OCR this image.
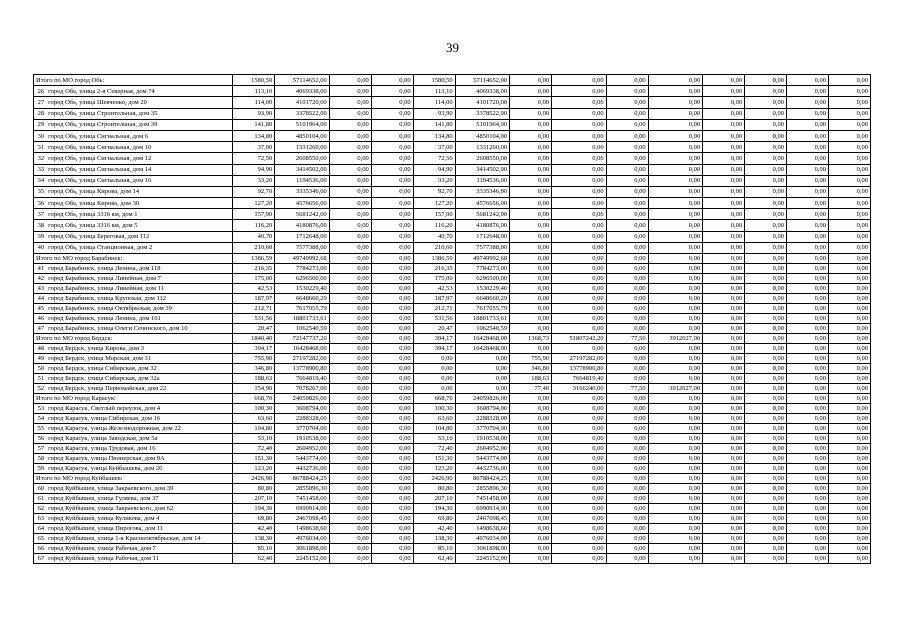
39
Итого по МО город Обь:		1580,50	57114652,00	0,00	0,00	1580,50	57114652,00	0,00	0,00	0,00	0,00	0,00	0,00	0,00	0,00
26	город Обь, улица 2-я Северная, дом 74	113,10	4069338,00	0,00	0,00	113,10	4069338,00	0,00	0,00	0,00	0,00	0,00	0,00	0,00	0,00
27	город Обь, улица Шевченко, дом 20	114,00	4101720,00	0,00	0,00	114,00	4101720,00	0,00	0,00	0,00	0,00	0,00	0,00	0,00	0,00
28	город Обь, улица Строительная, дом 35	93,90	3378522,00	0,00	0,00	93,90	3378522,00	0,00	0,00	0,00	0,00	0,00	0,00	0,00	0,00
29	город Обь, улица Строительная, дом 39	141,80	5101964,00	0,00	0,00	141,80	5101964,00	0,00	0,00	0,00	0,00	0,00	0,00	0,00	0,00
30	город Обь, улица Сигнальная, дом 6	134,80	4850104,00	0,00	0,00	134,80	4850104,00	0,00	0,00	0,00	0,00	0,00	0,00	0,00	0,00
31	город Обь, улица Сигнальная, дом 10	37,00	1331260,00	0,00	0,00	37,00	1331260,00	0,00	0,00	0,00	0,00	0,00	0,00	0,00	0,00
32	город Обь, улица Сигнальная, дом 12	72,50	2608550,00	0,00	0,00	72,50	2608550,00	0,00	0,00	0,00	0,00	0,00	0,00	0,00	0,00
33	город Обь, улица Сигнальная, дом 14	94,90	3414502,00	0,00	0,00	94,90	3414502,00	0,00	0,00	0,00	0,00	0,00	0,00	0,00	0,00
34	город Обь, улица Сигнальная, дом 16	33,20	1194536,00	0,00	0,00	33,20	1194536,00	0,00	0,00	0,00	0,00	0,00	0,00	0,00	0,00
35	город Обь, улица Кирова, дом 14	92,70	3335346,00	0,00	0,00	92,70	3335346,00	0,00	0,00	0,00	0,00	0,00	0,00	0,00	0,00
36	город Обь, улица Кирова, дом 30	127,20	4576656,00	0,00	0,00	127,20	4576656,00	0,00	0,00	0,00	0,00	0,00	0,00	0,00	0,00
37	город Обь, улица 3316 км, дом 1	157,90	5681242,00	0,00	0,00	157,90	5681242,00	0,00	0,00	0,00	0,00	0,00	0,00	0,00	0,00
38	город Обь, улица 3316 км, дом 5	116,20	4180876,00	0,00	0,00	116,20	4180876,00	0,00	0,00	0,00	0,00	0,00	0,00	0,00	0,00
39	город Обь, улица Береговая, дом 112	40,70	1712648,00	0,00	0,00	40,70	1712648,00	0,00	0,00	0,00	0,00	0,00	0,00	0,00	0,00
40	город Обь, улица Станционная, дом 2	210,60	7577388,00	0,00	0,00	210,60	7577388,00	0,00	0,00	0,00	0,00	0,00	0,00	0,00	0,00
Итого по МО город Барабинск:		1386,59	49749992,68	0,00	0,00	1386,59	49749992,68	0,00	0,00	0,00	0,00	0,00	0,00	0,00	0,00
41	город Барабинск, улица Ленина, дом 118	216,35	7784273,00	0,00	0,00	216,35	7784273,00	0,00	0,00	0,00	0,00	0,00	0,00	0,00	0,00
42	город Барабинск, улица Линейная, дом 7	175,00	6296500,00	0,00	0,00	175,00	6296500,00	0,00	0,00	0,00	0,00	0,00	0,00	0,00	0,00
43	город Барабинск, улица Линейная, дом 11	42,53	1530229,40	0,00	0,00	42,53	1530229,40	0,00	0,00	0,00	0,00	0,00	0,00	0,00	0,00
44	город Барабинск, улица Крупская, дом 112	187,97	6648660,29	0,00	0,00	187,97	6648660,29	0,00	0,00	0,00	0,00	0,00	0,00	0,00	0,00
45	город Барабинск, улица Октябрьская, дом 39	212,71	7617055,79	0,00	0,00	212,71	7617055,79	0,00	0,00	0,00	0,00	0,00	0,00	0,00	0,00
46	город Барабинск, улица Ленина, дом 101	531,56	18801733,61	0,00	0,00	531,56	18801733,61	0,00	0,00	0,00	0,00	0,00	0,00	0,00	0,00
47	город Барабинск, улица Олеги Сечинского, дом 10	20,47	1062540,59	0,00	0,00	20,47	1062540,59	0,00	0,00	0,00	0,00	0,00	0,00	0,00	0,00
Итого по МО город Бердск:		1840,40	72147737,20	0,00	0,00	394,17	16428468,00	1368,73	51807242,20	77,50	3912027,00	0,00	0,00	0,00	0,00
48	город Бердск, улица Кирова, дом 3	394,17	16428468,00	0,00	0,00	394,17	16428468,00	0,00	0,00	0,00	0,00	0,00	0,00	0,00	0,00
49	город Бердск, улица Морская, дом 31	755,90	27197282,00	0,00	0,00	0,00	0,00	755,90	27197282,00	0,00	0,00	0,00	0,00	0,00	0,00
50	город Бердск, улица Сибирская, дом 32	346,80	13778900,80	0,00	0,00	0,00	0,00	346,80	13778900,80	0,00	0,00	0,00	0,00	0,00	0,00
51	город Бердск, улица Сибирская, дом 32а	188,63	7664819,40	0,00	0,00	0,00	0,00	188,63	7664819,40	0,00	0,00	0,00	0,00	0,00	0,00
52	город Бердск, улица Первомайская, дом 22	154,90	7078267,00	0,00	0,00	0,00	0,00	77,40	3166240,00	77,50	3912027,00	0,00	0,00	0,00	0,00
Итого по МО город Карасук:		668,70	24059826,00	0,00	0,00	668,70	24059826,00	0,00	0,00	0,00	0,00	0,00	0,00	0,00	0,00
53	город Карасук, Светлый переулок, дом 4	100,30	3608794,00	0,00	0,00	100,30	3608794,00	0,00	0,00	0,00	0,00	0,00	0,00	0,00	0,00
54	город Карасук, улица Сибирская, дом 16	63,60	2288328,00	0,00	0,00	63,60	2288328,00	0,00	0,00	0,00	0,00	0,00	0,00	0,00	0,00
55	город Карасук, улица Железнодорожная, дом 22	104,80	3770704,00	0,00	0,00	104,80	3770704,00	0,00	0,00	0,00	0,00	0,00	0,00	0,00	0,00
56	город Карасук, улица Заводская, дом 5а	53,10	1910538,00	0,00	0,00	53,10	1910538,00	0,00	0,00	0,00	0,00	0,00	0,00	0,00	0,00
57	город Карасук, улица Трудовая, дом 16	72,40	2604952,00	0,00	0,00	72,40	2604952,00	0,00	0,00	0,00	0,00	0,00	0,00	0,00	0,00
58	город Карасук, улица Пионерская, дом 9А	151,30	5443774,00	0,00	0,00	151,30	5443774,00	0,00	0,00	0,00	0,00	0,00	0,00	0,00	0,00
59	город Карасук, улица Куйбышева, дом 26	123,20	4432736,00	0,00	0,00	123,20	4432736,00	0,00	0,00	0,00	0,00	0,00	0,00	0,00	0,00
Итого по МО город Куйбышев:		2426,90	86788424,25	0,00	0,00	2426,90	86788424,25	0,00	0,00	0,00	0,00	0,00	0,00	0,00	0,00
60	город Куйбышев, улица Закраевского, дом 39	80,80	2855896,30	0,00	0,00	80,80	2855896,30	0,00	0,00	0,00	0,00	0,00	0,00	0,00	0,00
61	город Куйбышев, улица Гуляева, дом 37	207,10	7451458,00	0,00	0,00	207,10	7451458,00	0,00	0,00	0,00	0,00	0,00	0,00	0,00	0,00
62	город Куйбышев, улица Закраевского, дом 62	194,30	6990914,00	0,00	0,00	194,30	6990914,00	0,00	0,00	0,00	0,00	0,00	0,00	0,00	0,00
63	город Куйбышев, улица Куликова, дом 4	69,80	2467098,45	0,00	0,00	69,80	2467098,45	0,00	0,00	0,00	0,00	0,00	0,00	0,00	0,00
64	город Куйбышев, улица Пирогова, дом 11	42,40	1498638,60	0,00	0,00	42,40	1498638,60	0,00	0,00	0,00	0,00	0,00	0,00	0,00	0,00
65	город Куйбышев, улица 1-я Краснооктябрьская, дом 14	138,30	4976034,00	0,00	0,00	138,30	4976034,00	0,00	0,00	0,00	0,00	0,00	0,00	0,00	0,00
66	город Куйбышев, улица Рабочая, дом 7	85,10	3061898,00	0,00	0,00	85,10	3061898,00	0,00	0,00	0,00	0,00	0,00	0,00	0,00	0,00
67	город Куйбышев, улица Рабочая, дом 11	62,40	2245152,00	0,00	0,00	62,40	2245152,00	0,00	0,00	0,00	0,00	0,00	0,00	0,00	0,00
